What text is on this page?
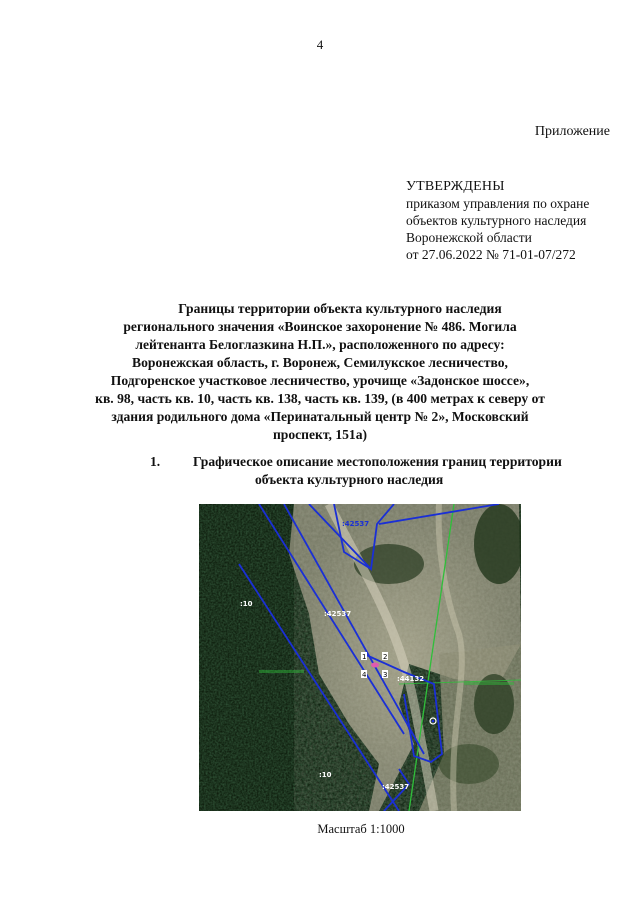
4
Приложение
УТВЕРЖДЕНЫ
приказом управления по охране
объектов культурного наследия
Воронежской области
от 27.06.2022 № 71-01-07/272
Границы территории объекта культурного наследия
регионального значения «Воинское захоронение № 486. Могила
лейтенанта Белоглазкина Н.П.», расположенного по адресу:
Воронежская область, г. Воронеж, Семилукское лесничество,
Подгоренское участковое лесничество, урочище «Задонское шоссе»,
кв. 98, часть кв. 10, часть кв. 138, часть кв. 139, (в 400 метрах к северу от
здания родильного дома «Перинатальный центр № 2», Московский
проспект, 151а)
1. Графическое описание местоположения границ территории
объекта культурного наследия
:42537
:42537
:44132
:42537
:10
:10
1 2
3
4
Масштаб 1:1000
